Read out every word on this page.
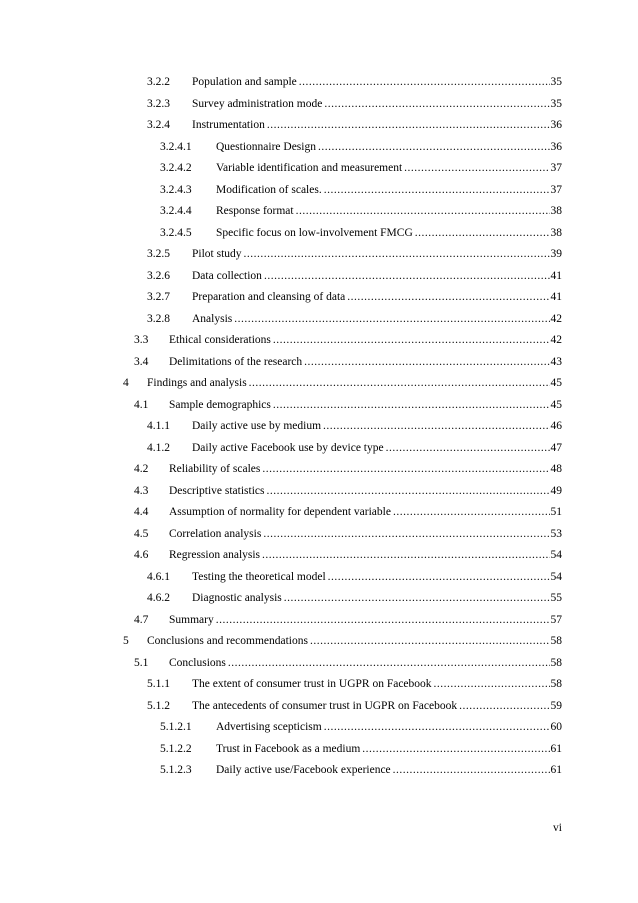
3.2.2	Population and sample .....	35
3.2.3	Survey administration mode .....	35
3.2.4	Instrumentation .....	36
3.2.4.1	Questionnaire Design .....	36
3.2.4.2	Variable identification and measurement .....	37
3.2.4.3	Modification of scales. .....	37
3.2.4.4	Response format .....	38
3.2.4.5	Specific focus on low-involvement FMCG .....	38
3.2.5	Pilot study .....	39
3.2.6	Data collection .....	41
3.2.7	Preparation and cleansing of data .....	41
3.2.8	Analysis .....	42
3.3	Ethical considerations .....	42
3.4	Delimitations of the research .....	43
4	Findings and analysis .....	45
4.1	Sample demographics .....	45
4.1.1	Daily active use by medium .....	46
4.1.2	Daily active Facebook use by device type .....	47
4.2	Reliability of scales .....	48
4.3	Descriptive statistics .....	49
4.4	Assumption of normality for dependent variable .....	51
4.5	Correlation analysis .....	53
4.6	Regression analysis .....	54
4.6.1	Testing the theoretical model .....	54
4.6.2	Diagnostic analysis .....	55
4.7	Summary .....	57
5	Conclusions and recommendations .....	58
5.1	Conclusions .....	58
5.1.1	The extent of consumer trust in UGPR on Facebook .....	58
5.1.2	The antecedents of consumer trust in UGPR on Facebook .....	59
5.1.2.1	Advertising scepticism .....	60
5.1.2.2	Trust in Facebook as a medium .....	61
5.1.2.3	Daily active use/Facebook experience .....	61
vi
